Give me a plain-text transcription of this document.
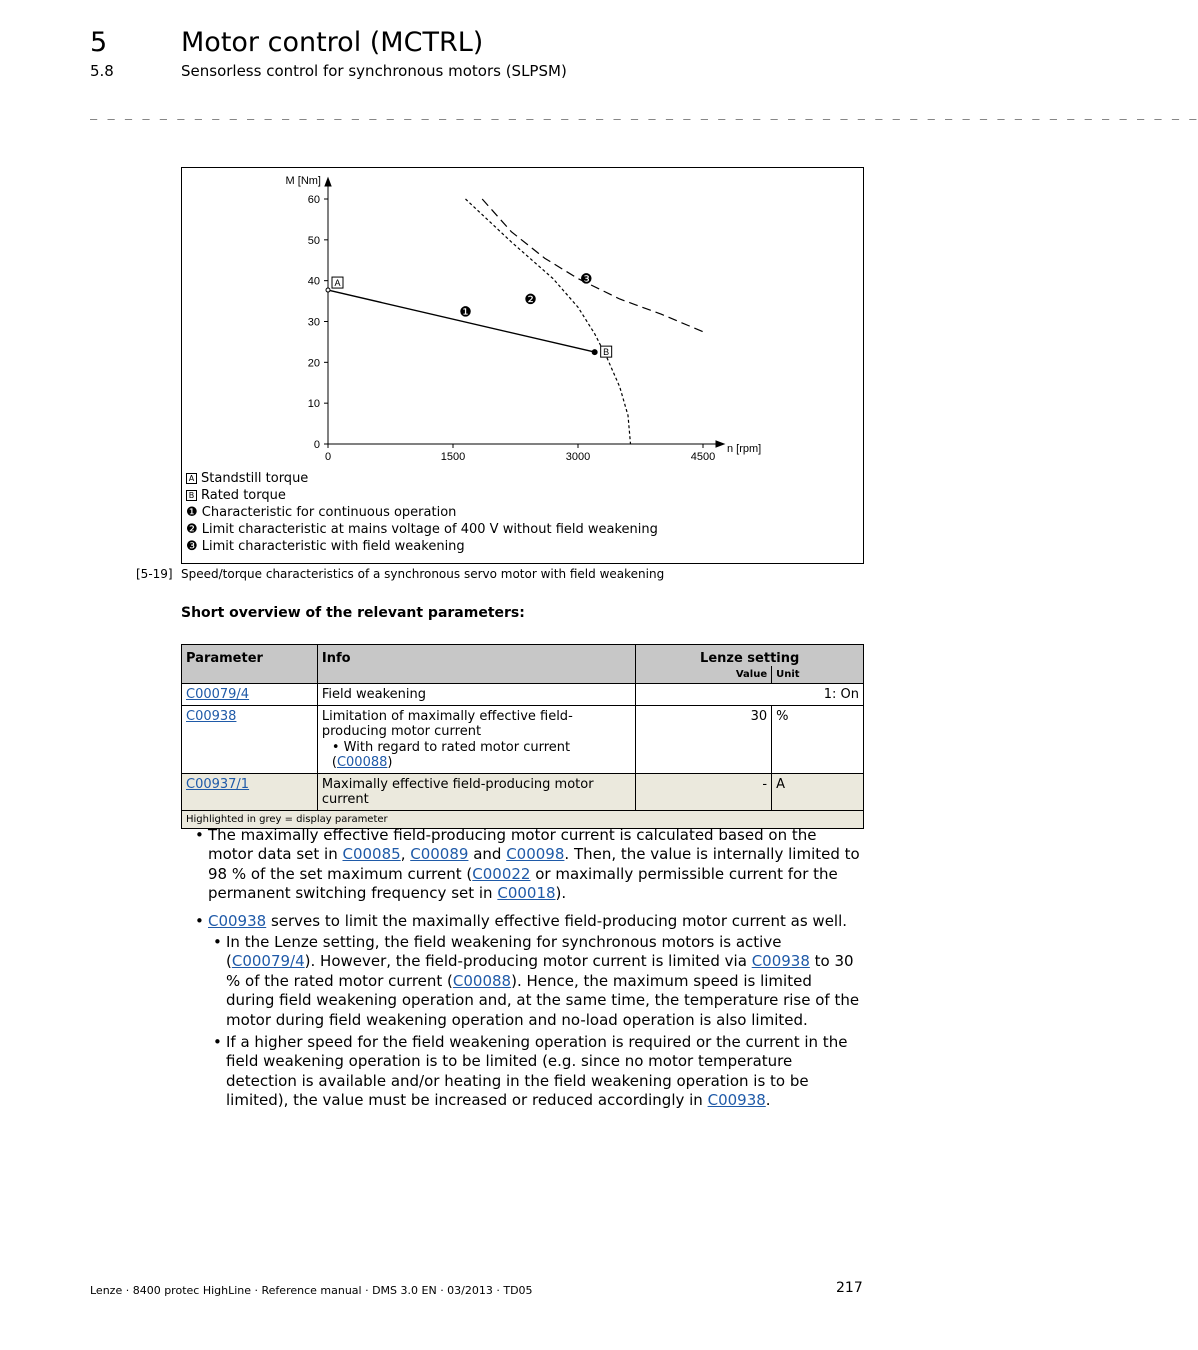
5	Motor control (MCTRL)
5.8	Sensorless control for synchronous motors (SLPSM)
_ _ _ _ _ _ _ _ _ _ _ _ _ _ _ _ _ _ _ _ _ _ _ _ _ _ _ _ _ _ _ _ _ _ _ _ _ _ _ _ _ _ _ _ _ _ _ _ _ _ _ _ _ _ _ _ _ _ _ _ _ _ _ _
0
10
20
30
40
50
60
0	1500	3000	4500
M [Nm]
n [rpm]
A
B
❶
❷
❸
A Standstill torque
B Rated torque
❶ Characteristic for continuous operation
❷ Limit characteristic at mains voltage of 400 V without field weakening
❸ Limit characteristic with field weakening
[5-19] Speed/torque characteristics of a synchronous servo motor with field weakening
Short overview of the relevant parameters:
Parameter	Info	Lenze setting	
		Value	Unit
C00079/4	Field weakening	1: On	
C00938	Limitation of maximally effective field-producing motor current
• With regard to rated motor current (C00088)	30	%
C00937/1	Maximally effective field-producing motor current	-	A
Highlighted in grey = display parameter			
• The maximally effective field-producing motor current is calculated based on the motor data set in C00085, C00089 and C00098. Then, the value is internally limited to 98 % of the set maximum current (C00022 or maximally permissible current for the permanent switching frequency set in C00018).
• C00938 serves to limit the maximally effective field-producing motor current as well.
• In the Lenze setting, the field weakening for synchronous motors is active (C00079/4). However, the field-producing motor current is limited via C00938 to 30 % of the rated motor current (C00088). Hence, the maximum speed is limited during field weakening operation and, at the same time, the temperature rise of the motor during field weakening operation and no-load operation is also limited.
• If a higher speed for the field weakening operation is required or the current in the field weakening operation is to be limited (e.g. since no motor temperature detection is available and/or heating in the field weakening operation is to be limited), the value must be increased or reduced accordingly in C00938.
Lenze · 8400 protec HighLine · Reference manual · DMS 3.0 EN · 03/2013 · TD05	217
